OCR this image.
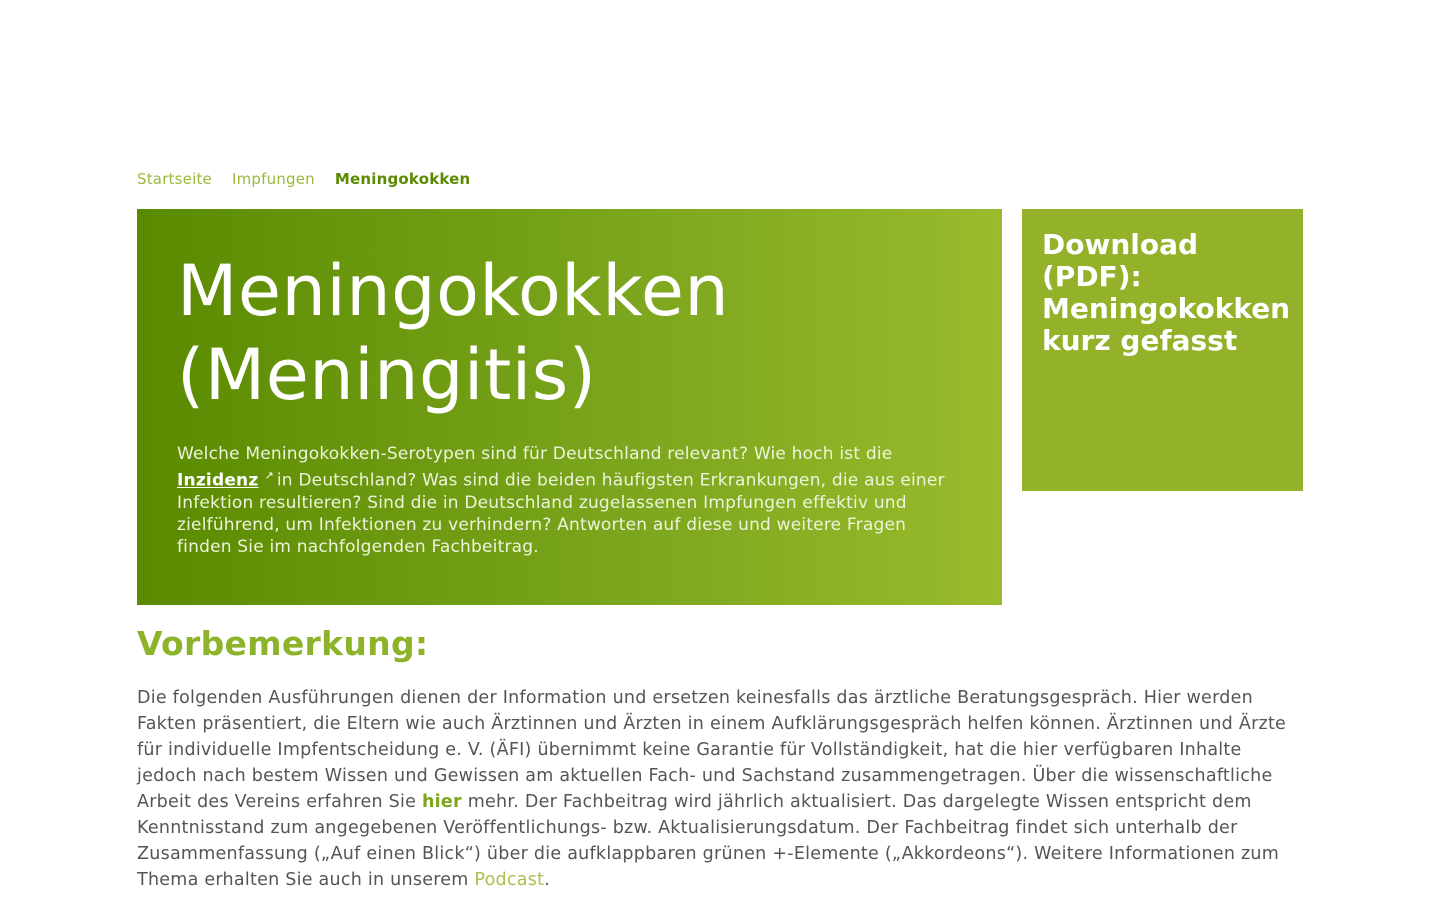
Startseite Impfungen Meningokokken
Meningokokken
(Meningitis)

Welche Meningokokken-Serotypen sind für Deutschland relevant? Wie hoch ist die Inzidenz ↗ in Deutschland? Was sind die beiden häufigsten Erkrankungen, die aus einer Infektion resultieren? Sind die in Deutschland zugelassenen Impfungen effektiv und zielführend, um Infektionen zu verhindern? Antworten auf diese und weitere Fragen finden Sie im nachfolgenden Fachbeitrag.

Download
(PDF):
Meningokokken
kurz gefasst
Vorbemerkung:

Die folgenden Ausführungen dienen der Information und ersetzen keinesfalls das ärztliche Beratungsgespräch. Hier werden Fakten präsentiert, die Eltern wie auch Ärztinnen und Ärzten in einem Aufklärungsgespräch helfen können. Ärztinnen und Ärzte für individuelle Impfentscheidung e. V. (ÄFI) übernimmt keine Garantie für Vollständigkeit, hat die hier verfügbaren Inhalte jedoch nach bestem Wissen und Gewissen am aktuellen Fach- und Sachstand zusammengetragen. Über die wissenschaftliche Arbeit des Vereins erfahren Sie hier mehr. Der Fachbeitrag wird jährlich aktualisiert. Das dargelegte Wissen entspricht dem Kenntnisstand zum angegebenen Veröffentlichungs- bzw. Aktualisierungsdatum. Der Fachbeitrag findet sich unterhalb der Zusammenfassung („Auf einen Blick“) über die aufklappbaren grünen +-Elemente („Akkordeons“). Weitere Informationen zum Thema erhalten Sie auch in unserem Podcast.
